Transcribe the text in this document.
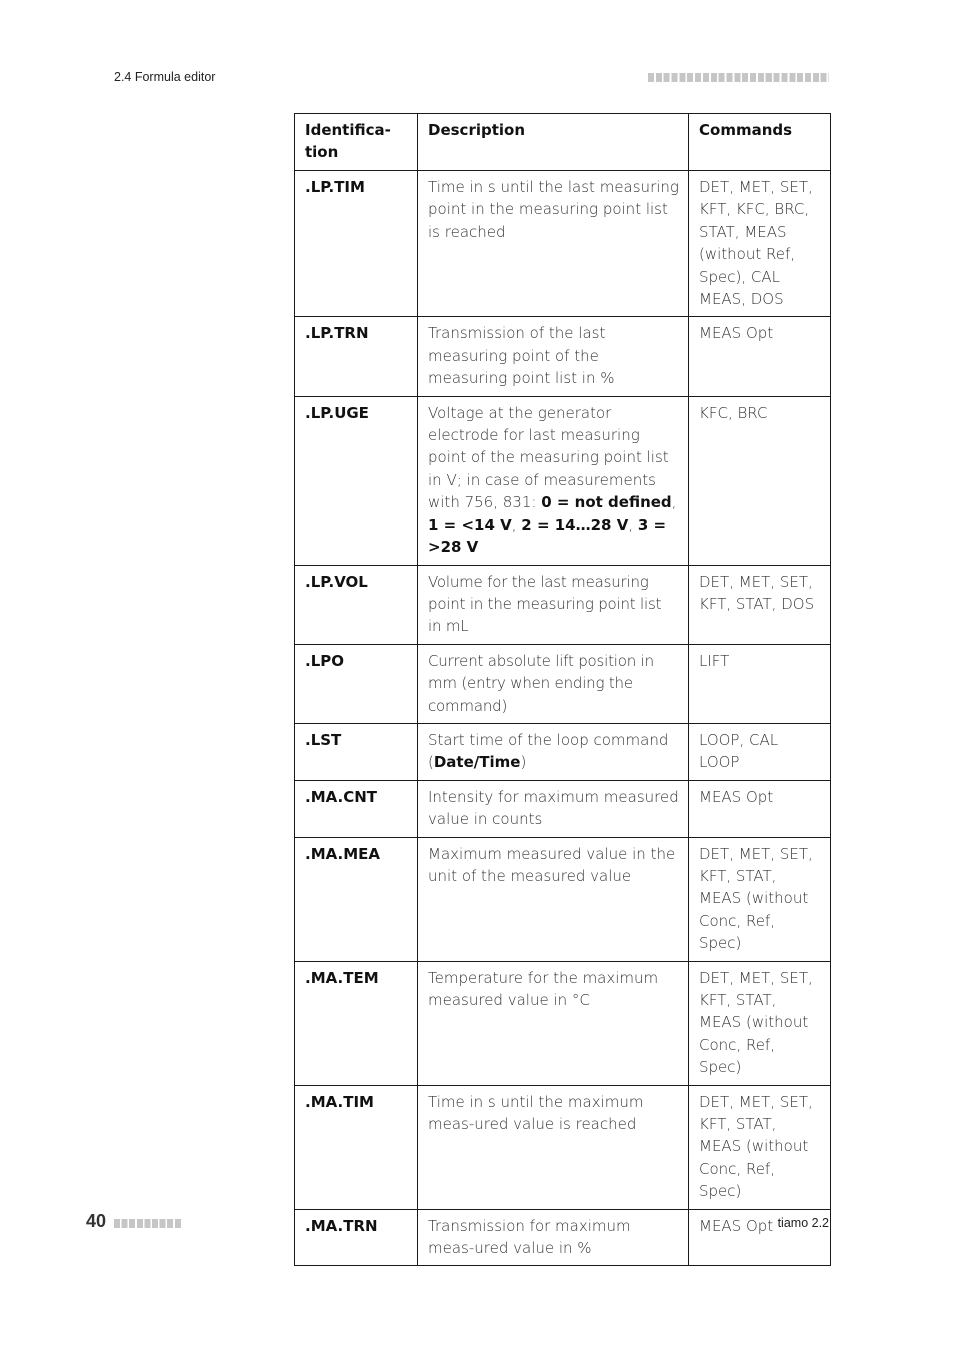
2.4 Formula editor
Identifica-
tion	Description	Commands
.LP.TIM	Time in s until the last measuring point in the measuring point list is reached	DET, MET, SET, KFT, KFC, BRC, STAT, MEAS (without Ref, Spec), CAL MEAS, DOS
.LP.TRN	Transmission of the last measuring point of the measuring point list in %	MEAS Opt
.LP.UGE	Voltage at the generator electrode for last measuring point of the measuring point list in V; in case of measurements with 756, 831: 0 = not defined, 1 = <14 V, 2 = 14…28 V, 3 = >28 V	KFC, BRC
.LP.VOL	Volume for the last measuring point in the measuring point list in mL	DET, MET, SET, KFT, STAT, DOS
.LPO	Current absolute lift position in mm (entry when ending the command)	LIFT
.LST	Start time of the loop command (Date/Time)	LOOP, CAL LOOP
.MA.CNT	Intensity for maximum measured value in counts	MEAS Opt
.MA.MEA	Maximum measured value in the unit of the measured value	DET, MET, SET, KFT, STAT, MEAS (without Conc, Ref, Spec)
.MA.TEM	Temperature for the maximum measured value in °C	DET, MET, SET, KFT, STAT, MEAS (without Conc, Ref, Spec)
.MA.TIM	Time in s until the maximum meas-ured value is reached	DET, MET, SET, KFT, STAT, MEAS (without Conc, Ref, Spec)
.MA.TRN	Transmission for maximum meas-ured value in %	MEAS Opt
40	tiamo 2.2
